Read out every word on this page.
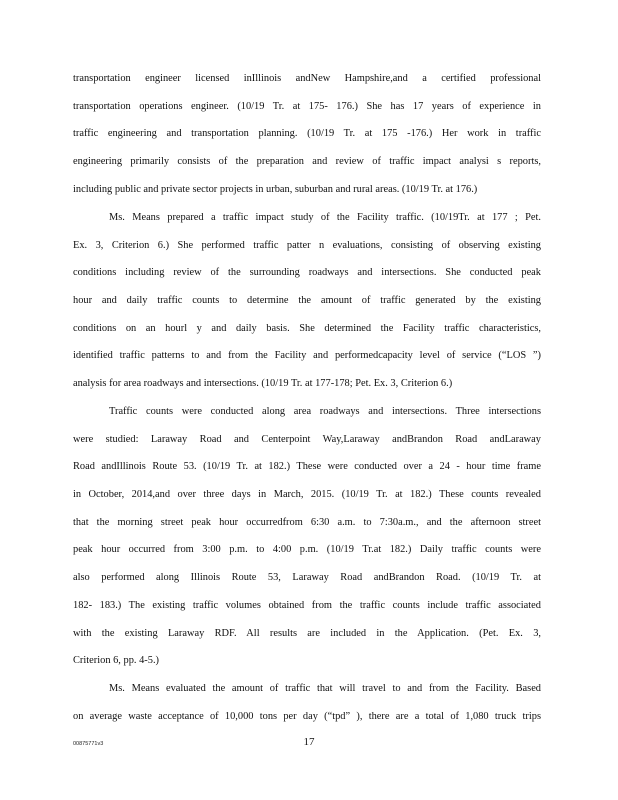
transportation engineer licensed inIllinois andNew Hampshire,and a certified professional
transportation operations engineer. (10/19 Tr. at 175- 176.) She has 17 years of experience in
traffic engineering and transportation planning. (10/19 Tr. at 175 -176.) Her work in traffic
engineering primarily consists of the preparation and review of traffic impact analysi s reports,
including public and private sector projects in urban, suburban and rural areas. (10/19 Tr. at 176.)
Ms. Means prepared a traffic impact study of the Facility traffic. (10/19Tr. at 177 ; Pet.
Ex. 3, Criterion 6.) She performed traffic patter n evaluations, consisting of observing existing
conditions including review of the surrounding roadways and intersections. She conducted peak
hour and daily traffic counts to determine the amount of traffic generated by the existing
conditions on an hourl y and daily basis. She determined the Facility traffic characteristics,
identified traffic patterns to and from the Facility and performedcapacity level of service (“LOS ”)
analysis for area roadways and intersections. (10/19 Tr. at 177-178; Pet. Ex. 3, Criterion 6.)
Traffic counts were conducted along area roadways and intersections. Three intersections
were studied: Laraway Road and Centerpoint Way,Laraway andBrandon Road andLaraway
Road andIllinois Route 53. (10/19 Tr. at 182.) These were conducted over a 24 - hour time frame
in October, 2014,and over three days in March, 2015. (10/19 Tr. at 182.) These counts revealed
that the morning street peak hour occurredfrom 6:30 a.m. to 7:30a.m., and the afternoon street
peak hour occurred from 3:00 p.m. to 4:00 p.m. (10/19 Tr.at 182.) Daily traffic counts were
also performed along Illinois Route 53, Laraway Road andBrandon Road. (10/19 Tr. at
182- 183.) The existing traffic volumes obtained from the traffic counts include traffic associated
with the existing Laraway RDF. All results are included in the Application. (Pet. Ex. 3,
Criterion 6, pp. 4-5.)
Ms. Means evaluated the amount of traffic that will travel to and from the Facility. Based
on average waste acceptance of 10,000 tons per day (“tpd” ), there are a total of 1,080 truck trips
00875771v3	17
